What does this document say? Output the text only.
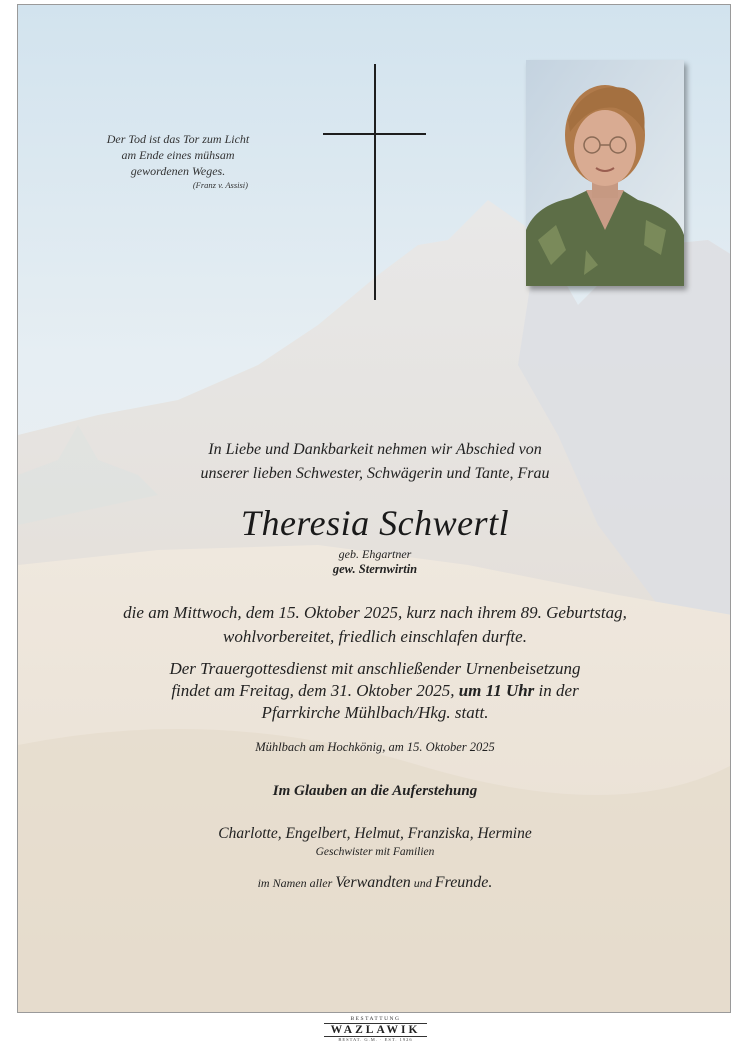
Der Tod ist das Tor zum Licht
am Ende eines mühsam
gewordenen Weges.
(Franz v. Assisi)
In Liebe und Dankbarkeit nehmen wir Abschied von
unserer lieben Schwester, Schwägerin und Tante, Frau
Theresia Schwertl
geb. Ehgartner
gew. Sternwirtin
die am Mittwoch, dem 15. Oktober 2025, kurz nach ihrem 89. Geburtstag,
wohlvorbereitet, friedlich einschlafen durfte.
Der Trauergottesdienst mit anschließender Urnenbeisetzung
findet am Freitag, dem 31. Oktober 2025, um 11 Uhr in der
Pfarrkirche Mühlbach/Hkg. statt.
Mühlbach am Hochkönig, am 15. Oktober 2025
Im Glauben an die Auferstehung
Charlotte, Engelbert, Helmut, Franziska, Hermine
Geschwister mit Familien
im Namen aller Verwandten und Freunde.
BESTATTUNG
WAZLAWIK
BESTAT. G.M. · EST. 1926
